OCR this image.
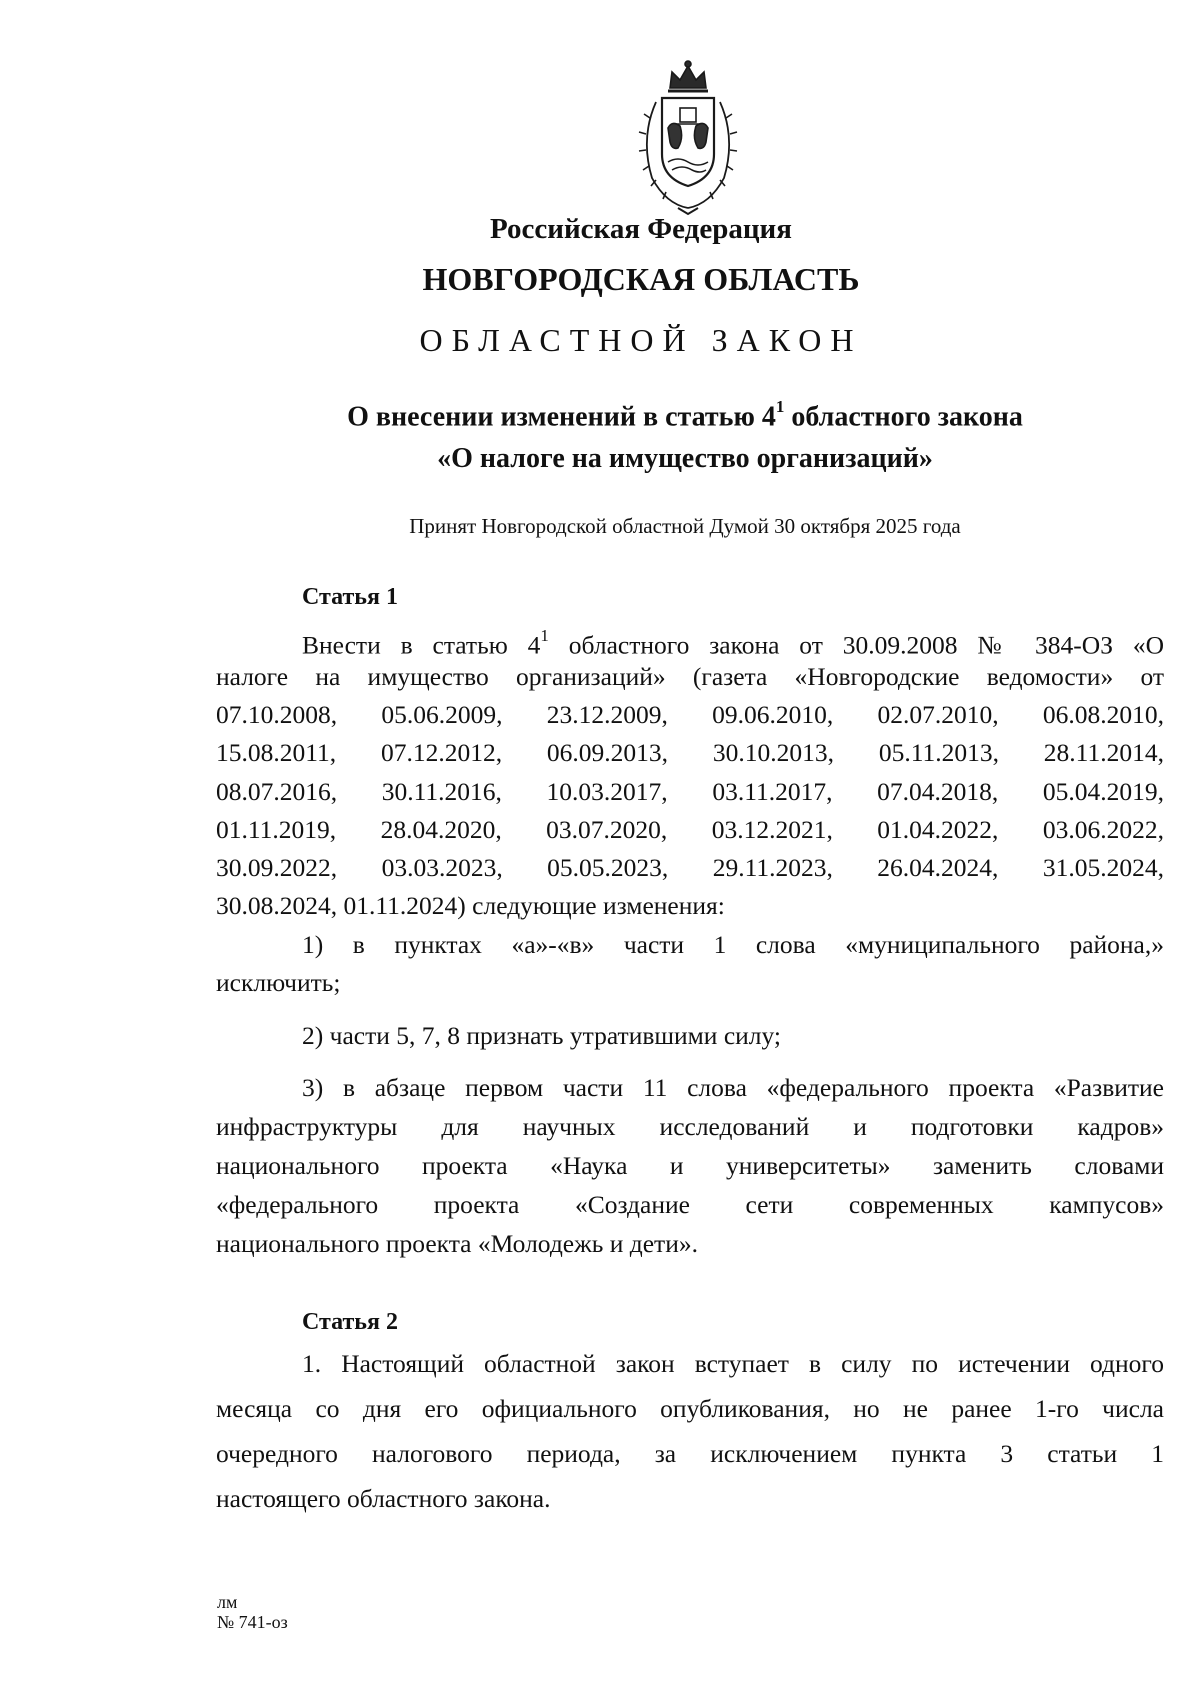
Российская Федерация
НОВГОРОДСКАЯ ОБЛАСТЬ
ОБЛАСТНОЙ ЗАКОН
О внесении изменений в статью $4^1$ областного закона
«О налоге на имущество организаций»
Принят Новгородской областной Думой 30 октября 2025 года
Статья 1
Внести в статью $4^1$ областного закона от 30.09.2008 № 384-ОЗ «О
налоге на имущество организаций» (газета «Новгородские ведомости» от
07.10.2008, 05.06.2009, 23.12.2009, 09.06.2010, 02.07.2010, 06.08.2010,
15.08.2011, 07.12.2012, 06.09.2013, 30.10.2013, 05.11.2013, 28.11.2014,
08.07.2016, 30.11.2016, 10.03.2017, 03.11.2017, 07.04.2018, 05.04.2019,
01.11.2019, 28.04.2020, 03.07.2020, 03.12.2021, 01.04.2022, 03.06.2022,
30.09.2022, 03.03.2023, 05.05.2023, 29.11.2023, 26.04.2024, 31.05.2024,
30.08.2024, 01.11.2024) следующие изменения:
1) в пунктах «а»-«в» части 1 слова «муниципального района,»
исключить;
2) части 5, 7, 8 признать утратившими силу;
3) в абзаце первом части 11 слова «федерального проекта «Развитие
инфраструктуры для научных исследований и подготовки кадров»
национального проекта «Наука и университеты» заменить словами
«федерального проекта «Создание сети современных кампусов»
национального проекта «Молодежь и дети».
Статья 2
1. Настоящий областной закон вступает в силу по истечении одного
месяца со дня его официального опубликования, но не ранее 1-го числа
очередного налогового периода, за исключением пункта 3 статьи 1
настоящего областного закона.
лм
№ 741-оз
